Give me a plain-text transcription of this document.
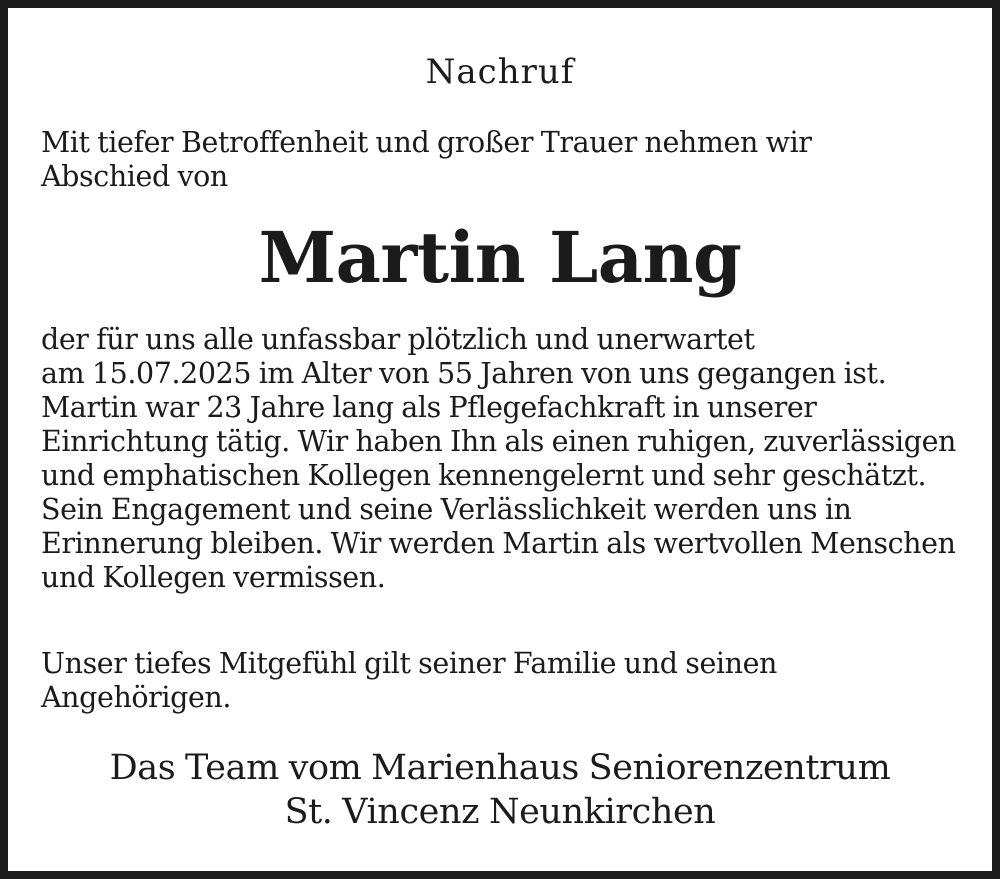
Nachruf
Mit tiefer Betroffenheit und großer Trauer nehmen wir
Abschied von
Martin Lang
der für uns alle unfassbar plötzlich und unerwartet
am 15.07.2025 im Alter von 55 Jahren von uns gegangen ist.
Martin war 23 Jahre lang als Pflegefachkraft in unserer
Einrichtung tätig. Wir haben Ihn als einen ruhigen, zuverlässigen
und emphatischen Kollegen kennengelernt und sehr geschätzt.
Sein Engagement und seine Verlässlichkeit werden uns in
Erinnerung bleiben. Wir werden Martin als wertvollen Menschen
und Kollegen vermissen.
Unser tiefes Mitgefühl gilt seiner Familie und seinen
Angehörigen.
Das Team vom Marienhaus Seniorenzentrum
St. Vincenz Neunkirchen
